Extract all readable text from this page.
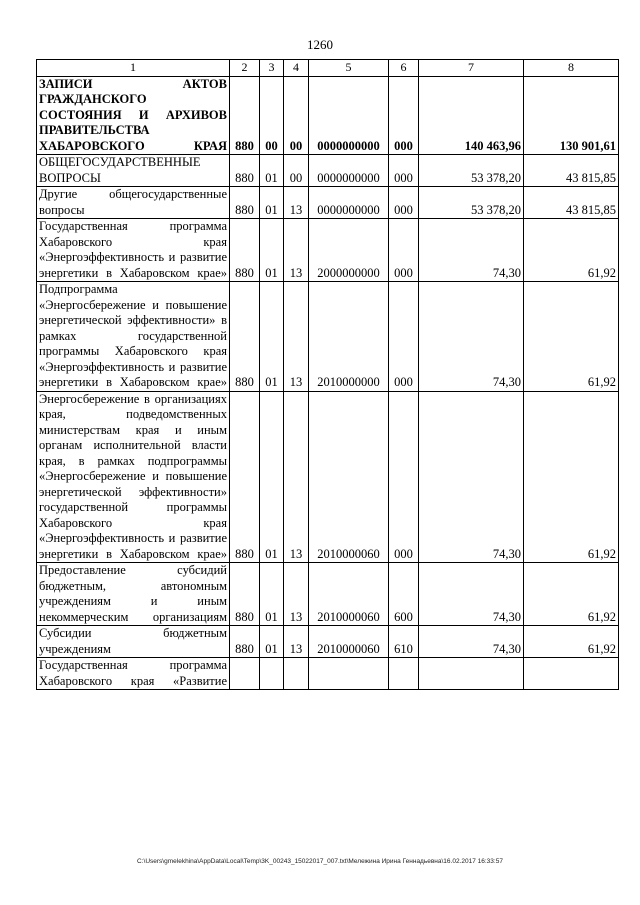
1260
1	2	3	4	5	6	7	8
ЗАПИСИ АКТОВ ГРАЖДАНСКОГО СОСТОЯНИЯ И АРХИВОВ ПРАВИТЕЛЬСТВА ХАБАРОВСКОГО КРАЯ	880	00	00	0000000000	000	140 463,96	130 901,61
ОБЩЕГОСУДАРСТВЕННЫЕ ВОПРОСЫ	880	01	00	0000000000	000	53 378,20	43 815,85
Другие общегосударственные вопросы	880	01	13	0000000000	000	53 378,20	43 815,85
Государственная программа Хабаровского края «Энергоэффективность и развитие энергетики в Хабаровском крае»	880	01	13	2000000000	000	74,30	61,92
Подпрограмма «Энергосбережение и повышение энергетической эффективности» в рамках государственной программы Хабаровского края «Энергоэффективность и развитие энергетики в Хабаровском крае»	880	01	13	2010000000	000	74,30	61,92
Энергосбережение в организациях края, подведомственных министерствам края и иным органам исполнительной власти края, в рамках подпрограммы «Энергосбережение и повышение энергетической эффективности» государственной программы Хабаровского края «Энергоэффективность и развитие энергетики в Хабаровском крае»	880	01	13	2010000060	000	74,30	61,92
Предоставление субсидий бюджетным, автономным учреждениям и иным некоммерческим организациям	880	01	13	2010000060	600	74,30	61,92
Субсидии бюджетным учреждениям	880	01	13	2010000060	610	74,30	61,92
Государственная программа Хабаровского края «Развитие							
C:\Users\gmelekhina\AppData\Local\Temp\3K_00243_15022017_007.txt\Мележина Ирина Геннадьевна\16.02.2017 16:33:57
